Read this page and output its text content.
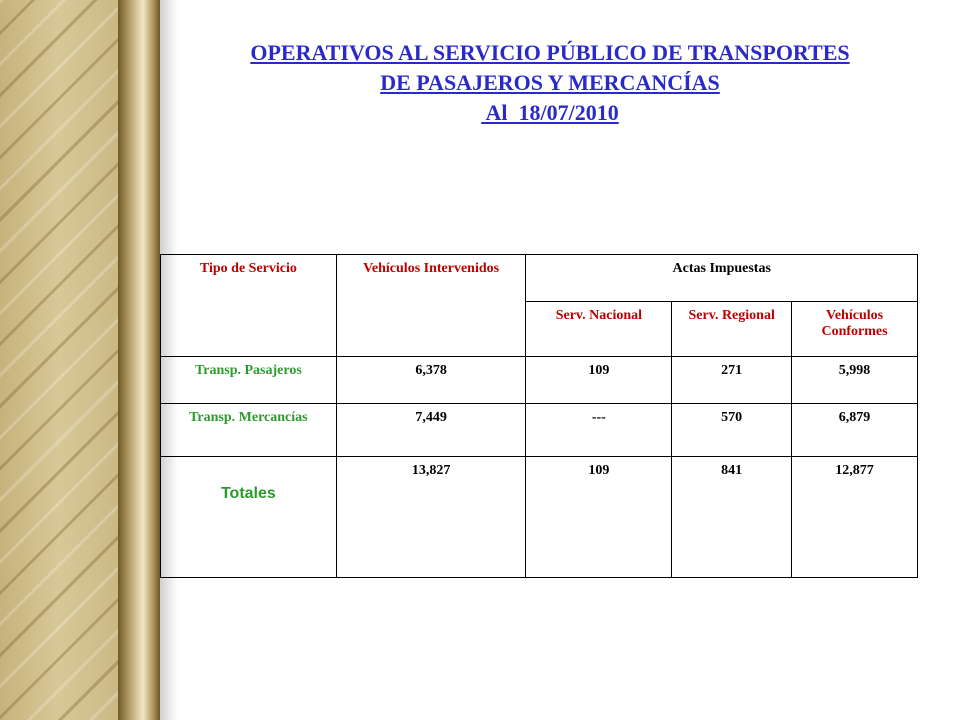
OPERATIVOS AL SERVICIO PÚBLICO DE TRANSPORTES
DE PASAJEROS Y MERCANCÍAS
Al  18/07/2010
Tipo de Servicio	Vehículos Intervenidos	Actas Impuestas		
		Serv. Nacional	Serv. Regional	Vehículos Conformes
Transp. Pasajeros	6,378	109	271	5,998
Transp. Mercancías	7,449	---	570	6,879
Totales	13,827	109	841	12,877
